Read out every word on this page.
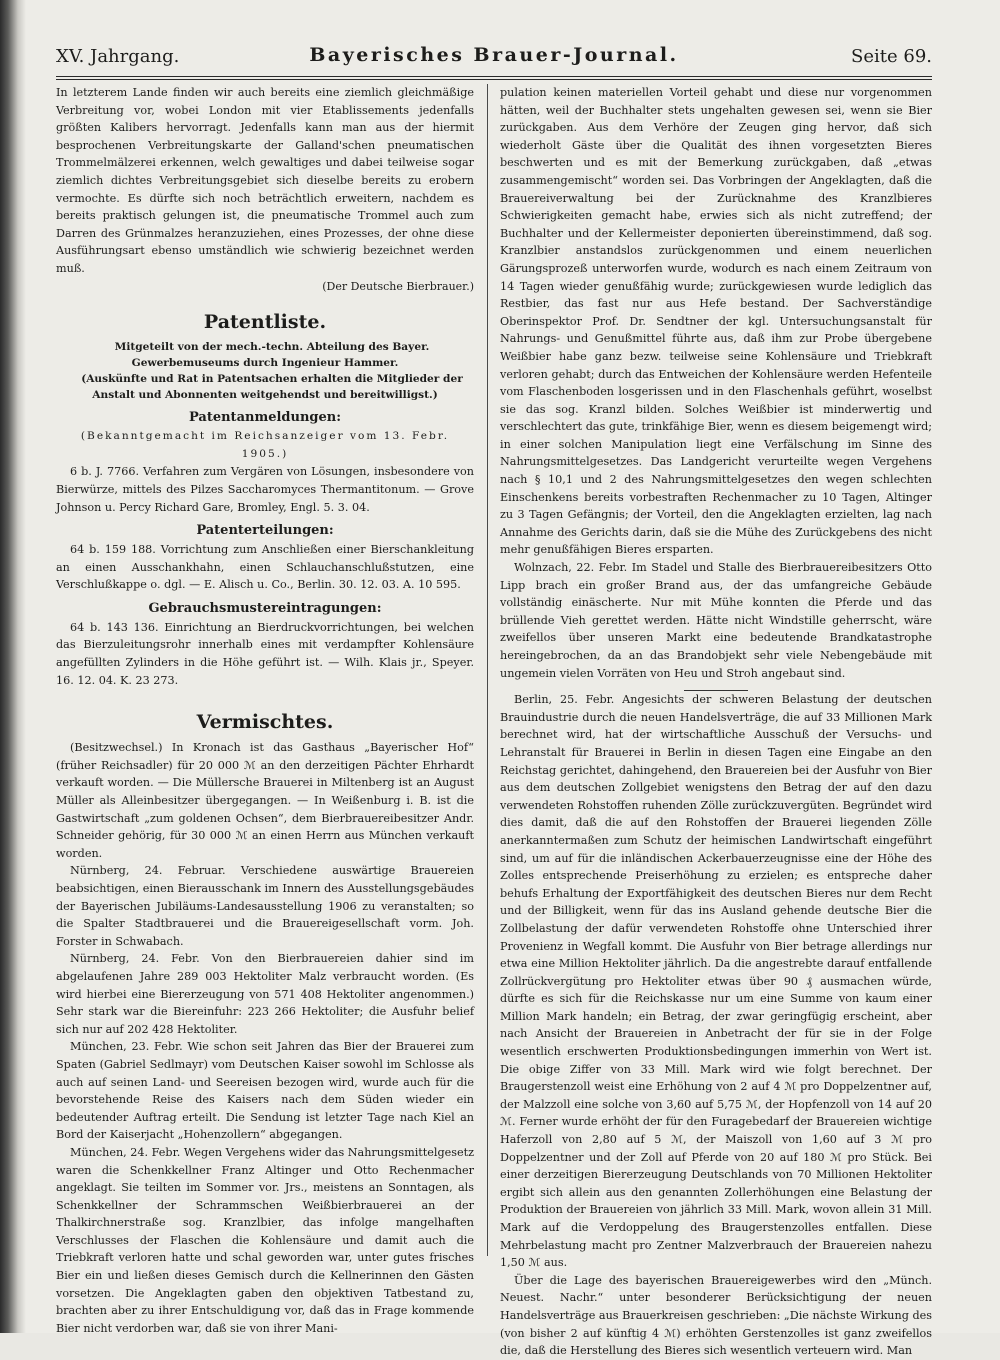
XV. Jahrgang.	Bayerisches Brauer-Journal.	Seite 69.

In letzterem Lande finden wir auch bereits eine ziemlich gleichmäßige Verbreitung vor, wobei London mit vier Etablissements jedenfalls größten Kalibers hervorragt. Jedenfalls kann man aus der hiermit besprochenen Verbreitungskarte der Galland'schen pneumatischen Trommelmälzerei erkennen, welch gewaltiges und dabei teilweise sogar ziemlich dichtes Verbreitungsgebiet sich dieselbe bereits zu erobern vermochte. Es dürfte sich noch beträchtlich erweitern, nachdem es bereits praktisch gelungen ist, die pneumatische Trommel auch zum Darren des Grünmalzes heranzuziehen, eines Prozesses, der ohne diese Ausführungsart ebenso umständlich wie schwierig bezeichnet werden muß.

(Der Deutsche Bierbrauer.)

Patentliste.

Mitgeteilt von der mech.-techn. Abteilung des Bayer. Gewerbemuseums durch Ingenieur Hammer.

(Auskünfte und Rat in Patentsachen erhalten die Mitglieder der Anstalt und Abonnenten weitgehendst und bereitwilligst.)

Patentanmeldungen:

(Bekanntgemacht im Reichsanzeiger vom 13. Febr. 1905.)

6 b. J. 7766. Verfahren zum Vergären von Lösungen, insbesondere von Bierwürze, mittels des Pilzes Saccharomyces Thermantitonum. — Grove Johnson u. Percy Richard Gare, Bromley, Engl. 5. 3. 04.

Patenterteilungen:

64 b. 159 188. Vorrichtung zum Anschließen einer Bierschankleitung an einen Ausschankhahn, einen Schlauchanschlußstutzen, eine Verschlußkappe o. dgl. — E. Alisch u. Co., Berlin. 30. 12. 03. A. 10 595.

Gebrauchsmustereintragungen:

64 b. 143 136. Einrichtung an Bierdruckvorrichtungen, bei welchen das Bierzuleitungsrohr innerhalb eines mit verdampfter Kohlensäure angefüllten Zylinders in die Höhe geführt ist. — Wilh. Klais jr., Speyer. 16. 12. 04. K. 23 273.

Vermischtes.

(Besitzwechsel.) In Kronach ist das Gasthaus „Bayerischer Hof“ (früher Reichsadler) für 20 000 ℳ an den derzeitigen Pächter Ehrhardt verkauft worden. — Die Müllersche Brauerei in Miltenberg ist an August Müller als Alleinbesitzer übergegangen. — In Weißenburg i. B. ist die Gastwirtschaft „zum goldenen Ochsen“, dem Bierbrauereibesitzer Andr. Schneider gehörig, für 30 000 ℳ an einen Herrn aus München verkauft worden.

Nürnberg, 24. Februar. Verschiedene auswärtige Brauereien beabsichtigen, einen Bierausschank im Innern des Ausstellungsgebäudes der Bayerischen Jubiläums-Landesausstellung 1906 zu veranstalten; so die Spalter Stadtbrauerei und die Brauereigesellschaft vorm. Joh. Forster in Schwabach.

Nürnberg, 24. Febr. Von den Bierbrauereien dahier sind im abgelaufenen Jahre 289 003 Hektoliter Malz verbraucht worden. (Es wird hierbei eine Biererzeugung von 571 408 Hektoliter angenommen.) Sehr stark war die Biereinfuhr: 223 266 Hektoliter; die Ausfuhr belief sich nur auf 202 428 Hektoliter.

München, 23. Febr. Wie schon seit Jahren das Bier der Brauerei zum Spaten (Gabriel Sedlmayr) vom Deutschen Kaiser sowohl im Schlosse als auch auf seinen Land- und Seereisen bezogen wird, wurde auch für die bevorstehende Reise des Kaisers nach dem Süden wieder ein bedeutender Auftrag erteilt. Die Sendung ist letzter Tage nach Kiel an Bord der Kaiserjacht „Hohenzollern“ abgegangen.

München, 24. Febr. Wegen Vergehens wider das Nahrungsmittelgesetz waren die Schenkkellner Franz Altinger und Otto Rechenmacher angeklagt. Sie teilten im Sommer vor. Jrs., meistens an Sonntagen, als Schenkkellner der Schrammschen Weißbierbrauerei an der Thalkirchnerstraße sog. Kranzlbier, das infolge mangelhaften Verschlusses der Flaschen die Kohlensäure und damit auch die Triebkraft verloren hatte und schal geworden war, unter gutes frisches Bier ein und ließen dieses Gemisch durch die Kellnerinnen den Gästen vorsetzen. Die Angeklagten gaben den objektiven Tatbestand zu, brachten aber zu ihrer Entschuldigung vor, daß das in Frage kommende Bier nicht verdorben war, daß sie von ihrer Mani-

pulation keinen materiellen Vorteil gehabt und diese nur vorgenommen hätten, weil der Buchhalter stets ungehalten gewesen sei, wenn sie Bier zurückgaben. Aus dem Verhöre der Zeugen ging hervor, daß sich wiederholt Gäste über die Qualität des ihnen vorgesetzten Bieres beschwerten und es mit der Bemerkung zurückgaben, daß „etwas zusammengemischt“ worden sei. Das Vorbringen der Angeklagten, daß die Brauereiverwaltung bei der Zurücknahme des Kranzlbieres Schwierigkeiten gemacht habe, erwies sich als nicht zutreffend; der Buchhalter und der Kellermeister deponierten übereinstimmend, daß sog. Kranzlbier anstandslos zurückgenommen und einem neuerlichen Gärungsprozeß unterworfen wurde, wodurch es nach einem Zeitraum von 14 Tagen wieder genußfähig wurde; zurückgewiesen wurde lediglich das Restbier, das fast nur aus Hefe bestand. Der Sachverständige Oberinspektor Prof. Dr. Sendtner der kgl. Untersuchungsanstalt für Nahrungs- und Genußmittel führte aus, daß ihm zur Probe übergebene Weißbier habe ganz bezw. teilweise seine Kohlensäure und Triebkraft verloren gehabt; durch das Entweichen der Kohlensäure werden Hefenteile vom Flaschenboden losgerissen und in den Flaschenhals geführt, woselbst sie das sog. Kranzl bilden. Solches Weißbier ist minderwertig und verschlechtert das gute, trinkfähige Bier, wenn es diesem beigemengt wird; in einer solchen Manipulation liegt eine Verfälschung im Sinne des Nahrungsmittelgesetzes. Das Landgericht verurteilte wegen Vergehens nach § 10,1 und 2 des Nahrungsmittelgesetzes den wegen schlechten Einschenkens bereits vorbestraften Rechenmacher zu 10 Tagen, Altinger zu 3 Tagen Gefängnis; der Vorteil, den die Angeklagten erzielten, lag nach Annahme des Gerichts darin, daß sie die Mühe des Zurückgebens des nicht mehr genußfähigen Bieres ersparten.

Wolnzach, 22. Febr. Im Stadel und Stalle des Bierbrauereibesitzers Otto Lipp brach ein großer Brand aus, der das umfangreiche Gebäude vollständig einäscherte. Nur mit Mühe konnten die Pferde und das brüllende Vieh gerettet werden. Hätte nicht Windstille geherrscht, wäre zweifellos über unseren Markt eine bedeutende Brandkatastrophe hereingebrochen, da an das Brandobjekt sehr viele Nebengebäude mit ungemein vielen Vorräten von Heu und Stroh angebaut sind.

Berlin, 25. Febr. Angesichts der schweren Belastung der deutschen Brauindustrie durch die neuen Handelsverträge, die auf 33 Millionen Mark berechnet wird, hat der wirtschaftliche Ausschuß der Versuchs- und Lehranstalt für Brauerei in Berlin in diesen Tagen eine Eingabe an den Reichstag gerichtet, dahingehend, den Brauereien bei der Ausfuhr von Bier aus dem deutschen Zollgebiet wenigstens den Betrag der auf den dazu verwendeten Rohstoffen ruhenden Zölle zurückzuvergüten. Begründet wird dies damit, daß die auf den Rohstoffen der Brauerei liegenden Zölle anerkanntermaßen zum Schutz der heimischen Landwirtschaft eingeführt sind, um auf für die inländischen Ackerbauerzeugnisse eine der Höhe des Zolles entsprechende Preiserhöhung zu erzielen; es entspreche daher behufs Erhaltung der Exportfähigkeit des deutschen Bieres nur dem Recht und der Billigkeit, wenn für das ins Ausland gehende deutsche Bier die Zollbelastung der dafür verwendeten Rohstoffe ohne Unterschied ihrer Provenienz in Wegfall kommt. Die Ausfuhr von Bier betrage allerdings nur etwa eine Million Hektoliter jährlich. Da die angestrebte darauf entfallende Zollrückvergütung pro Hektoliter etwas über 90 ₰ ausmachen würde, dürfte es sich für die Reichskasse nur um eine Summe von kaum einer Million Mark handeln; ein Betrag, der zwar geringfügig erscheint, aber nach Ansicht der Brauereien in Anbetracht der für sie in der Folge wesentlich erschwerten Produktionsbedingungen immerhin von Wert ist. Die obige Ziffer von 33 Mill. Mark wird wie folgt berechnet. Der Braugerstenzoll weist eine Erhöhung von 2 auf 4 ℳ pro Doppelzentner auf, der Malzzoll eine solche von 3,60 auf 5,75 ℳ, der Hopfenzoll von 14 auf 20 ℳ. Ferner wurde erhöht der für den Furagebedarf der Brauereien wichtige Haferzoll von 2,80 auf 5 ℳ, der Maiszoll von 1,60 auf 3 ℳ pro Doppelzentner und der Zoll auf Pferde von 20 auf 180 ℳ pro Stück. Bei einer derzeitigen Biererzeugung Deutschlands von 70 Millionen Hektoliter ergibt sich allein aus den genannten Zollerhöhungen eine Belastung der Produktion der Brauereien von jährlich 33 Mill. Mark, wovon allein 31 Mill. Mark auf die Verdoppelung des Braugerstenzolles entfallen. Diese Mehrbelastung macht pro Zentner Malzverbrauch der Brauereien nahezu 1,50 ℳ aus.

Über die Lage des bayerischen Brauereigewerbes wird den „Münch. Neuest. Nachr.“ unter besonderer Berücksichtigung der neuen Handelsverträge aus Brauerkreisen geschrieben: „Die nächste Wirkung des (von bisher 2 auf künftig 4 ℳ) erhöhten Gerstenzolles ist ganz zweifellos die, daß die Herstellung des Bieres sich wesentlich verteuern wird. Man
